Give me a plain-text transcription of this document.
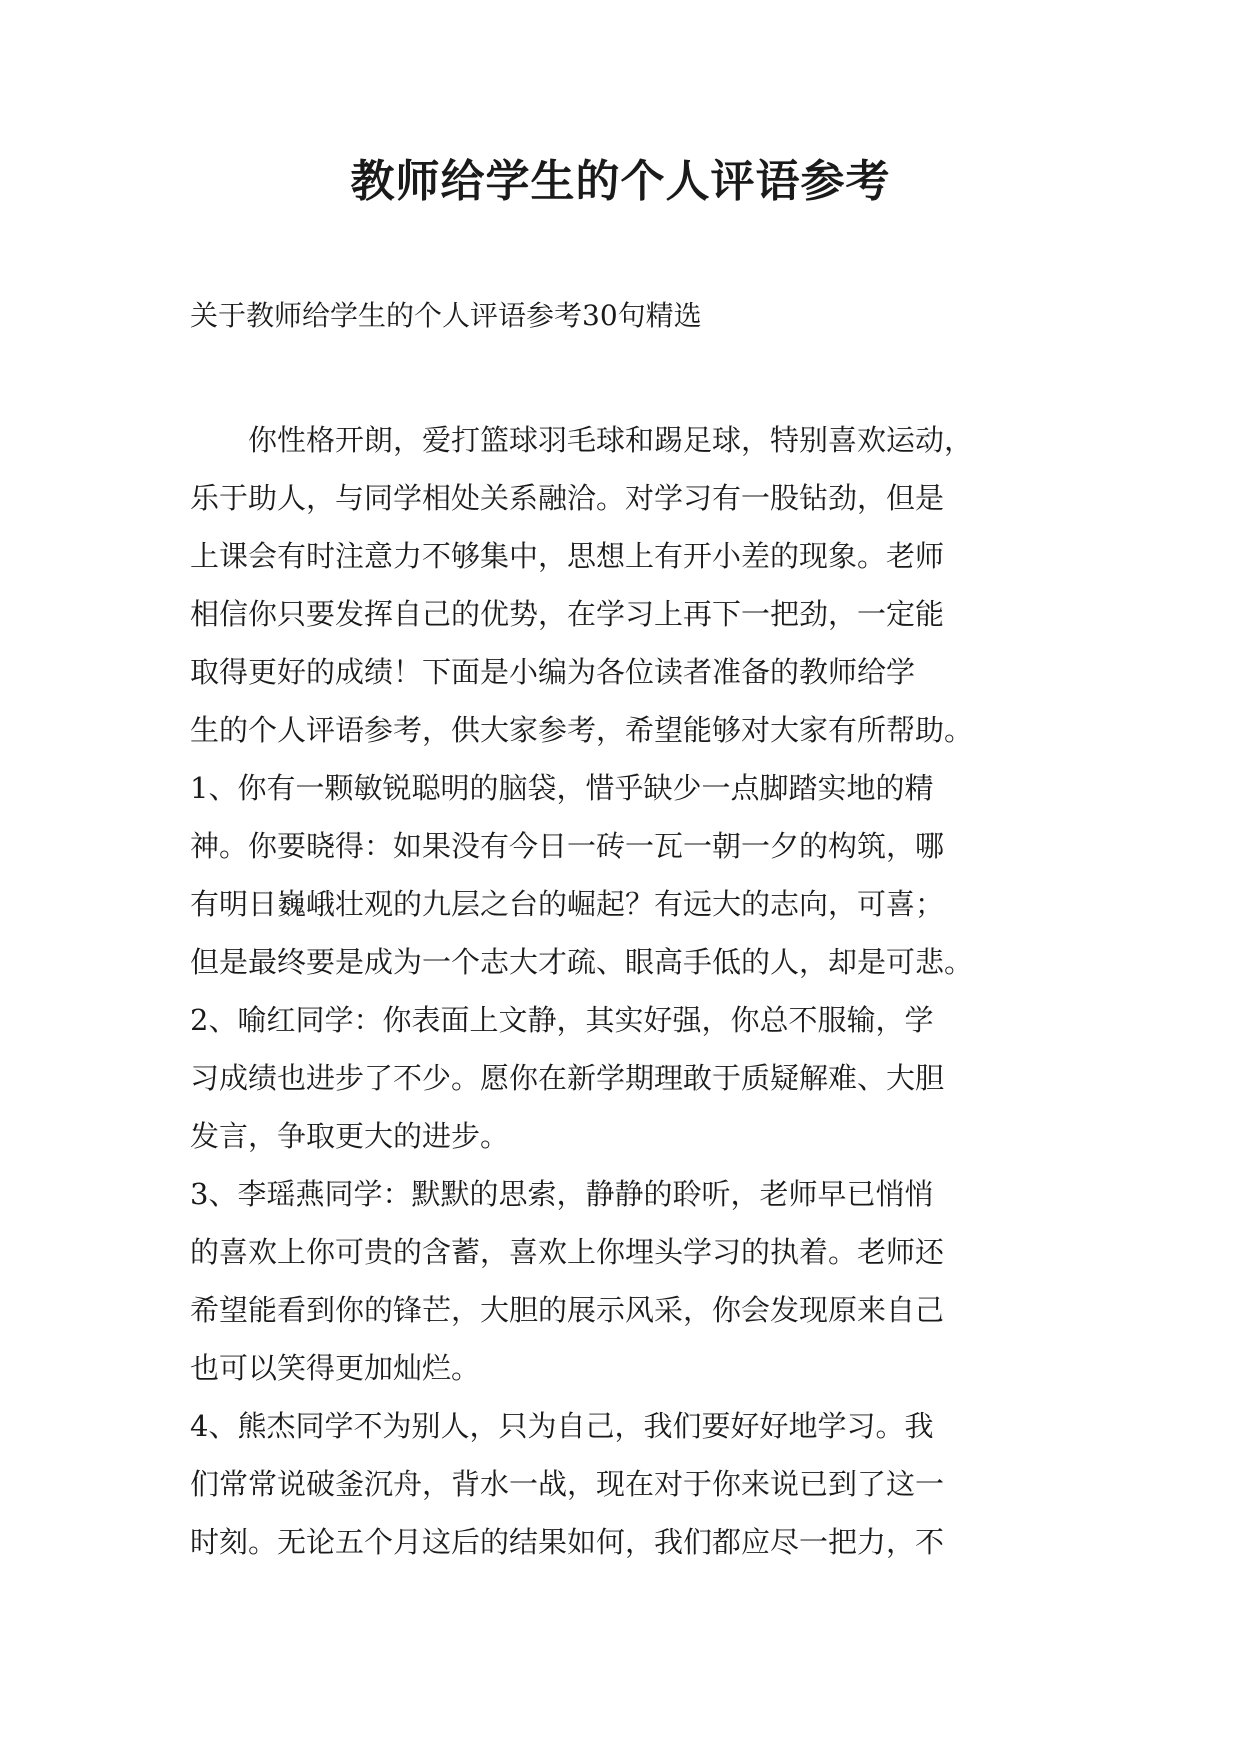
教师给学生的个人评语参考

关于教师给学生的个人评语参考30句精选

　　你性格开朗，爱打篮球羽毛球和踢足球，特别喜欢运动，
乐于助人，与同学相处关系融洽。对学习有一股钻劲，但是
上课会有时注意力不够集中，思想上有开小差的现象。老师
相信你只要发挥自己的优势，在学习上再下一把劲，一定能
取得更好的成绩！下面是小编为各位读者准备的教师给学
生的个人评语参考，供大家参考，希望能够对大家有所帮助。
1、你有一颗敏锐聪明的脑袋，惜乎缺少一点脚踏实地的精
神。你要晓得：如果没有今日一砖一瓦一朝一夕的构筑，哪
有明日巍峨壮观的九层之台的崛起？有远大的志向，可喜；
但是最终要是成为一个志大才疏、眼高手低的人，却是可悲。
2、喻红同学：你表面上文静，其实好强，你总不服输，学
习成绩也进步了不少。愿你在新学期理敢于质疑解难、大胆
发言，争取更大的进步。
3、李瑶燕同学：默默的思索，静静的聆听，老师早已悄悄
的喜欢上你可贵的含蓄，喜欢上你埋头学习的执着。老师还
希望能看到你的锋芒，大胆的展示风采，你会发现原来自己
也可以笑得更加灿烂。
4、熊杰同学不为别人，只为自己，我们要好好地学习。我
们常常说破釜沉舟，背水一战，现在对于你来说已到了这一
时刻。无论五个月这后的结果如何，我们都应尽一把力，不
